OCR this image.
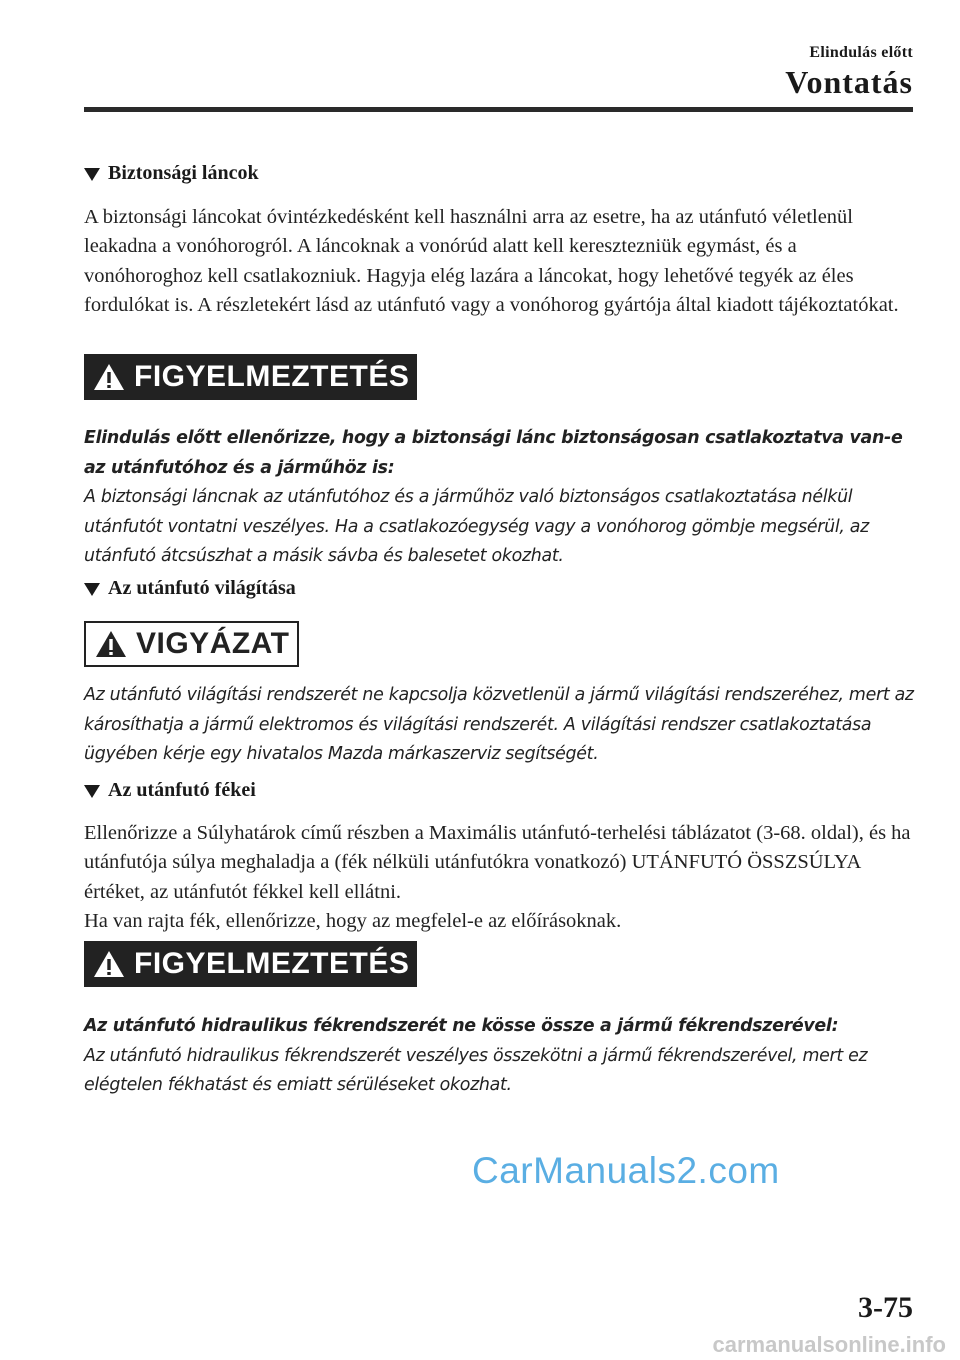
Elindulás előtt
Vontatás
Biztonsági láncok

A biztonsági láncokat óvintézkedésként kell használni arra az esetre, ha az utánfutó véletlenül leakadna a vonóhorogról. A láncoknak a vonórúd alatt kell keresztezniük egymást, és a vonóhoroghoz kell csatlakozniuk. Hagyja elég lazára a láncokat, hogy lehetővé tegyék az éles fordulókat is. A részletekért lásd az utánfutó vagy a vonóhorog gyártója által kiadott tájékoztatókat.

FIGYELMEZTETÉS

Elindulás előtt ellenőrizze, hogy a biztonsági lánc biztonságosan csatlakoztatva van-e az utánfutóhoz és a járműhöz is:

A biztonsági láncnak az utánfutóhoz és a járműhöz való biztonságos csatlakoztatása nélkül utánfutót vontatni veszélyes. Ha a csatlakozóegység vagy a vonóhorog gömbje megsérül, az utánfutó átcsúszhat a másik sávba és balesetet okozhat.

Az utánfutó világítása
VIGYÁZAT

Az utánfutó világítási rendszerét ne kapcsolja közvetlenül a jármű világítási rendszeréhez, mert az károsíthatja a jármű elektromos és világítási rendszerét. A világítási rendszer csatlakoztatása ügyében kérje egy hivatalos Mazda márkaszerviz segítségét.

Az utánfutó fékei

Ellenőrizze a Súlyhatárok című részben a Maximális utánfutó-terhelési táblázatot (3-68. oldal), és ha utánfutója súlya meghaladja a (fék nélküli utánfutókra vonatkozó) UTÁNFUTÓ ÖSSZSÚLYA értéket, az utánfutót fékkel kell ellátni.

Ha van rajta fék, ellenőrizze, hogy az megfelel-e az előírásoknak.

FIGYELMEZTETÉS

Az utánfutó hidraulikus fékrendszerét ne kösse össze a jármű fékrendszerével:

Az utánfutó hidraulikus fékrendszerét veszélyes összekötni a jármű fékrendszerével, mert ez elégtelen fékhatást és emiatt sérüléseket okozhat.

CarManuals2.com
3-75
carmanualsonline.info
